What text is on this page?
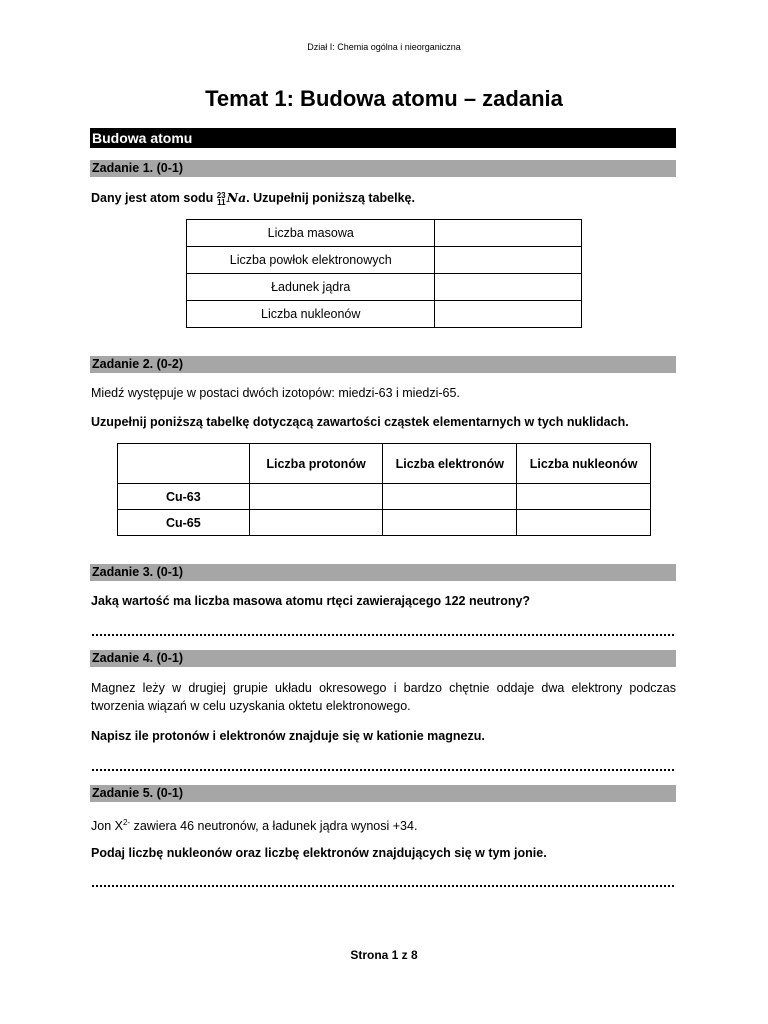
Dział I: Chemia ogólna i nieorganiczna
Temat 1: Budowa atomu – zadania
Budowa atomu
Zadanie 1. (0-1)
Dany jest atom sodu 23
11Na. Uzupełnij poniższą tabelkę.
Liczba masowa	
Liczba powłok elektronowych	
Ładunek jądra	
Liczba nukleonów	
Zadanie 2. (0-2)
Miedź występuje w postaci dwóch izotopów: miedzi-63 i miedzi-65.
Uzupełnij poniższą tabelkę dotyczącą zawartości cząstek elementarnych w tych nuklidach.
	Liczba protonów	Liczba elektronów	Liczba nukleonów
Cu-63			
Cu-65			
Zadanie 3. (0-1)
Jaką wartość ma liczba masowa atomu rtęci zawierającego 122 neutrony?
Zadanie 4. (0-1)
Magnez leży w drugiej grupie układu okresowego i bardzo chętnie oddaje dwa elektrony podczas tworzenia wiązań w celu uzyskania oktetu elektronowego.
Napisz ile protonów i elektronów znajduje się w kationie magnezu.
Zadanie 5. (0-1)
Jon $X^{2-}$ zawiera 46 neutronów, a ładunek jądra wynosi +34.
Podaj liczbę nukleonów oraz liczbę elektronów znajdujących się w tym jonie.
Strona 1 z 8
